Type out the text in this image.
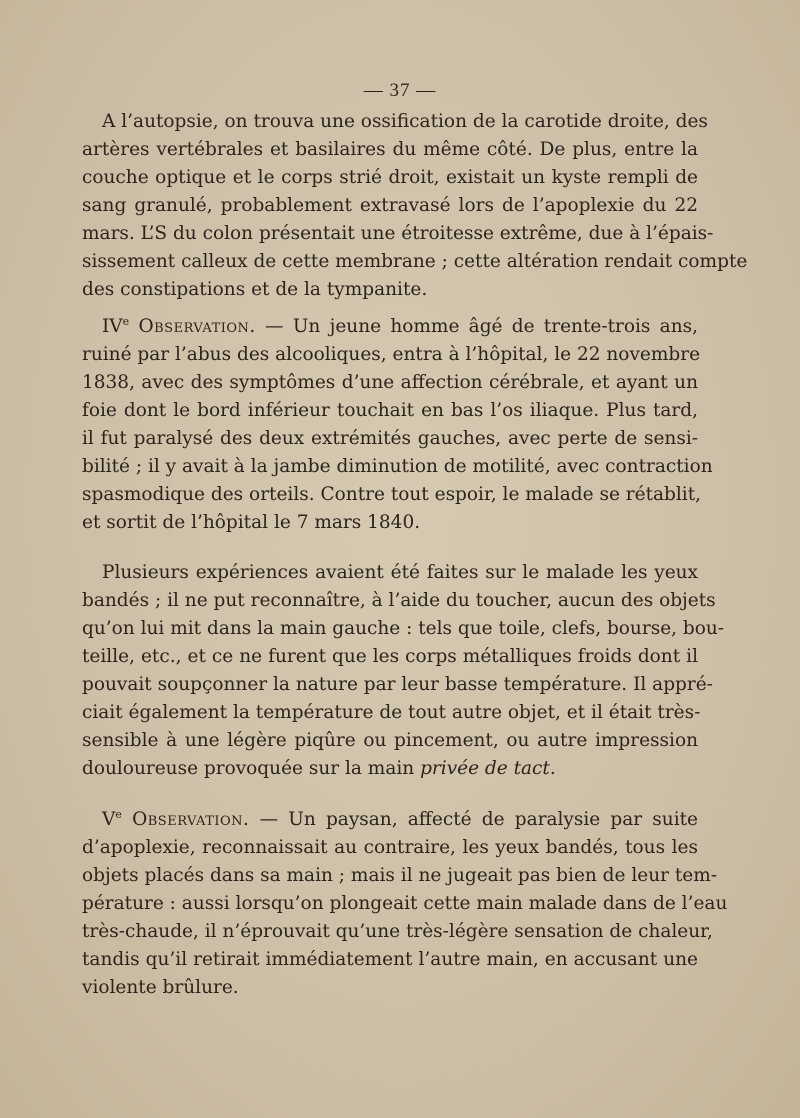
— 37 —
A l’autopsie, on trouva une ossification de la carotide droite, des
artères vertébrales et basilaires du même côté. De plus, entre la
couche optique et le corps strié droit, existait un kyste rempli de
sang granulé, probablement extravasé lors de l’apoplexie du 22
mars. L’S du colon présentait une étroitesse extrême, due à l’épais-
sissement calleux de cette membrane ; cette altération rendait compte
des constipations et de la tympanite.
IVe Observation. — Un jeune homme âgé de trente-trois ans,
ruiné par l’abus des alcooliques, entra à l’hôpital, le 22 novembre
1838, avec des symptômes d’une affection cérébrale, et ayant un
foie dont le bord inférieur touchait en bas l’os iliaque. Plus tard,
il fut paralysé des deux extrémités gauches, avec perte de sensi-
bilité ; il y avait à la jambe diminution de motilité, avec contraction
spasmodique des orteils. Contre tout espoir, le malade se rétablit,
et sortit de l’hôpital le 7 mars 1840.
Plusieurs expériences avaient été faites sur le malade les yeux
bandés ; il ne put reconnaître, à l’aide du toucher, aucun des objets
qu’on lui mit dans la main gauche : tels que toile, clefs, bourse, bou-
teille, etc., et ce ne furent que les corps métalliques froids dont il
pouvait soupçonner la nature par leur basse température. Il appré-
ciait également la température de tout autre objet, et il était très-
sensible à une légère piqûre ou pincement, ou autre impression
douloureuse provoquée sur la main privée de tact.
Ve Observation. — Un paysan, affecté de paralysie par suite
d’apoplexie, reconnaissait au contraire, les yeux bandés, tous les
objets placés dans sa main ; mais il ne jugeait pas bien de leur tem-
pérature : aussi lorsqu’on plongeait cette main malade dans de l’eau
très-chaude, il n’éprouvait qu’une très-légère sensation de chaleur,
tandis qu’il retirait immédiatement l’autre main, en accusant une
violente brûlure.
